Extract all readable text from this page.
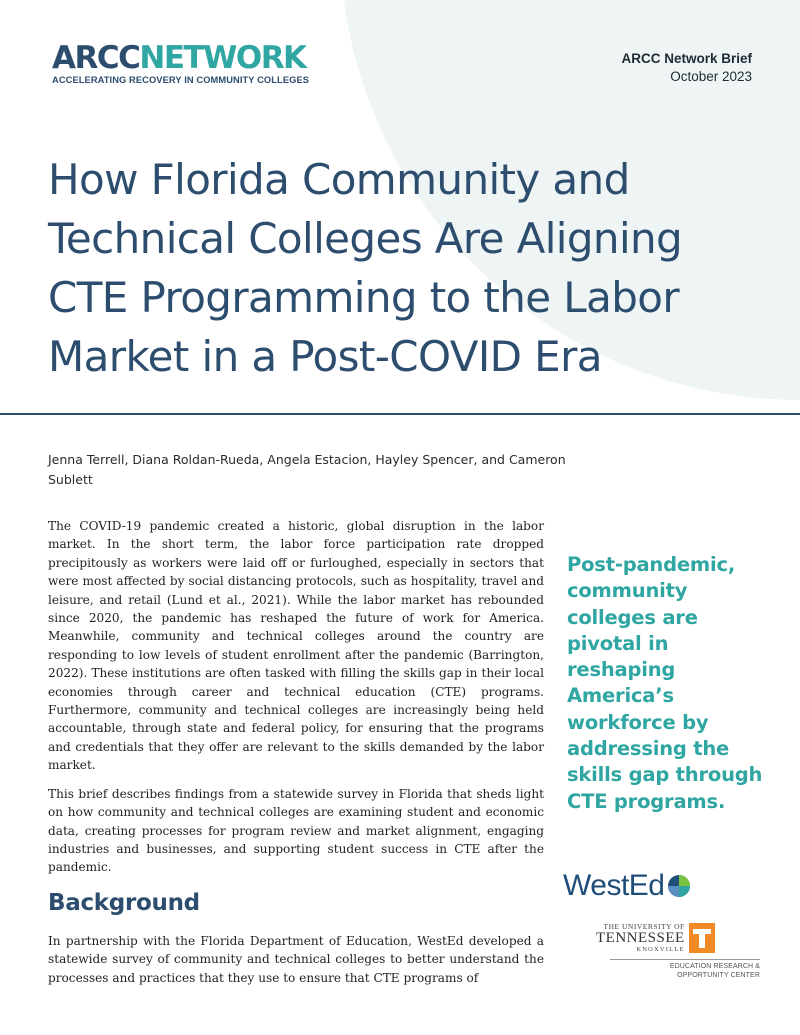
ARCCNETWORK
ACCELERATING RECOVERY IN COMMUNITY COLLEGES
ARCC Network Brief
October 2023
How Florida Community and Technical Colleges Are Aligning CTE Programming to the Labor Market in a Post-COVID Era
Jenna Terrell, Diana Roldan-Rueda, Angela Estacion, Hayley Spencer, and Cameron Sublett

The COVID-19 pandemic created a historic, global disruption in the labor market. In the short term, the labor force participation rate dropped precipitously as workers were laid off or furloughed, especially in sectors that were most affected by social distancing protocols, such as hospitality, travel and leisure, and retail (Lund et al., 2021). While the labor market has rebounded since 2020, the pandemic has reshaped the future of work for America. Meanwhile, community and technical colleges around the country are responding to low levels of student enrollment after the pandemic (Barrington, 2022). These institutions are often tasked with filling the skills gap in their local economies through career and technical education (CTE) programs. Furthermore, community and technical colleges are increasingly being held accountable, through state and federal policy, for ensuring that the programs and credentials that they offer are relevant to the skills demanded by the labor market.

This brief describes findings from a statewide survey in Florida that sheds light on how community and technical colleges are examining student and economic data, creating processes for program review and market alignment, engaging industries and businesses, and supporting student success in CTE after the pandemic.

Background

In partnership with the Florida Department of Education, WestEd developed a statewide survey of community and technical colleges to better understand the processes and practices that they use to ensure that CTE programs of

Post-pandemic, community colleges are pivotal in reshaping America’s workforce by addressing the skills gap through CTE programs.
WestEd
THE UNIVERSITY OF
TENNESSEE
KNOXVILLE
EDUCATION RESEARCH &
OPPORTUNITY CENTER
